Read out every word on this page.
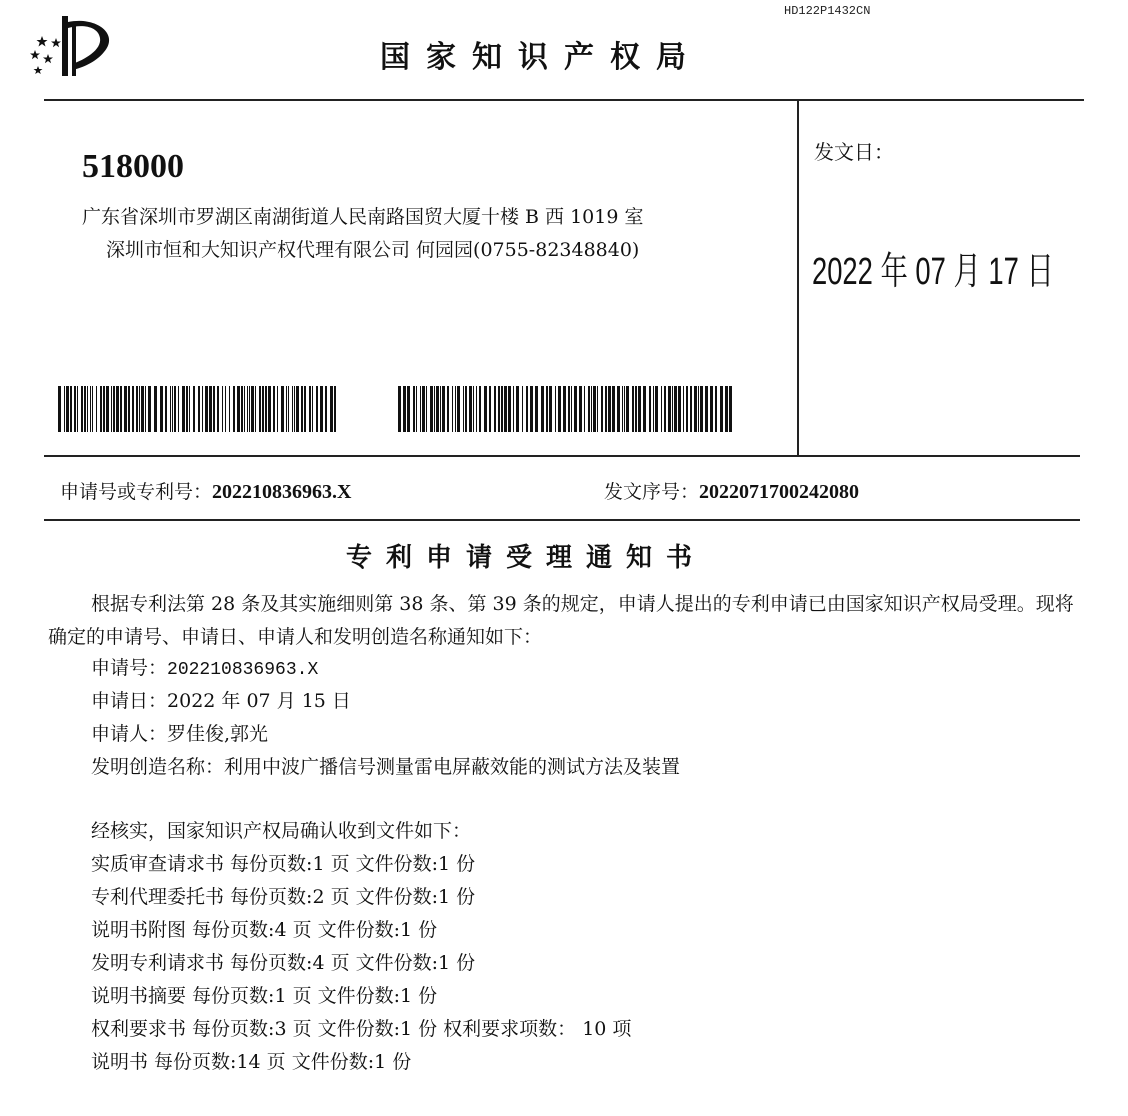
HD122P1432CN
国家知识产权局
518000
广东省深圳市罗湖区南湖街道人民南路国贸大厦十楼 B 西 1019 室
深圳市恒和大知识产权代理有限公司 何园园(0755-82348840)
发文日：
2022 年 07 月 17 日
申请号或专利号：202210836963.X	发文序号：2022071700242080
专利申请受理通知书
根据专利法第 28 条及其实施细则第 38 条、第 39 条的规定，申请人提出的专利申请已由国家知识产权局受理。现将确定的申请号、申请日、申请人和发明创造名称通知如下：
申请号：202210836963.X
申请日：2022 年 07 月 15 日
申请人：罗佳俊,郭光
发明创造名称：利用中波广播信号测量雷电屏蔽效能的测试方法及装置
经核实，国家知识产权局确认收到文件如下：
实质审查请求书 每份页数:1 页 文件份数:1 份
专利代理委托书 每份页数:2 页 文件份数:1 份
说明书附图 每份页数:4 页 文件份数:1 份
发明专利请求书 每份页数:4 页 文件份数:1 份
说明书摘要 每份页数:1 页 文件份数:1 份
权利要求书 每份页数:3 页 文件份数:1 份 权利要求项数： 10 项
说明书 每份页数:14 页 文件份数:1 份
